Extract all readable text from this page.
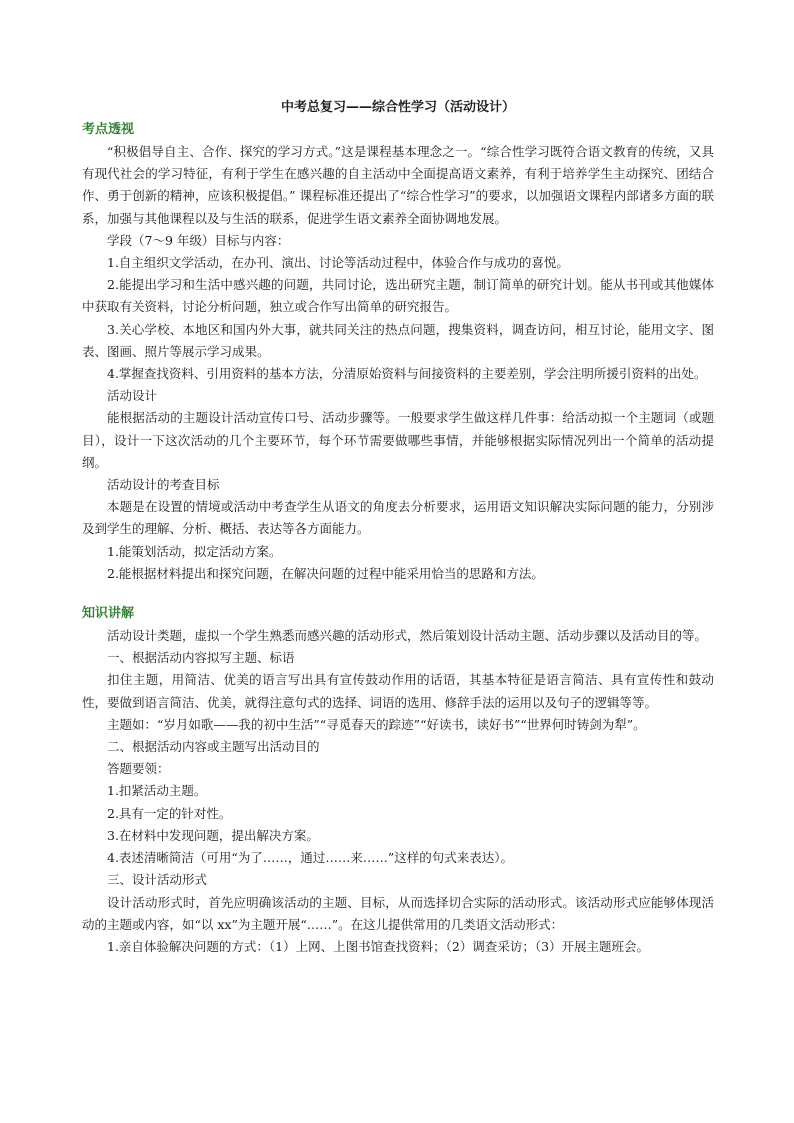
中考总复习——综合性学习（活动设计）
考点透视

“积极倡导自主、合作、探究的学习方式。”这是课程基本理念之一。“综合性学习既符合语文教育的传统，又具有现代社会的学习特征，有利于学生在感兴趣的自主活动中全面提高语文素养，有利于培养学生主动探究、团结合作、勇于创新的精神，应该积极提倡。” 课程标准还提出了“综合性学习”的要求，以加强语文课程内部诸多方面的联系，加强与其他课程以及与生活的联系，促进学生语文素养全面协调地发展。

学段（7～9 年级）目标与内容：

1.自主组织文学活动，在办刊、演出、讨论等活动过程中，体验合作与成功的喜悦。

2.能提出学习和生活中感兴趣的问题，共同讨论，选出研究主题，制订简单的研究计划。能从书刊或其他媒体中获取有关资料，讨论分析问题，独立或合作写出简单的研究报告。

3.关心学校、本地区和国内外大事，就共同关注的热点问题，搜集资料，调查访问，相互讨论，能用文字、图表、图画、照片等展示学习成果。

4.掌握查找资料、引用资料的基本方法，分清原始资料与间接资料的主要差别，学会注明所援引资料的出处。

活动设计

能根据活动的主题设计活动宣传口号、活动步骤等。一般要求学生做这样几件事：给活动拟一个主题词（或题目），设计一下这次活动的几个主要环节，每个环节需要做哪些事情，并能够根据实际情况列出一个简单的活动提纲。

活动设计的考查目标

本题是在设置的情境或活动中考查学生从语文的角度去分析要求，运用语文知识解决实际问题的能力，分别涉及到学生的理解、分析、概括、表达等各方面能力。

1.能策划活动，拟定活动方案。

2.能根据材料提出和探究问题，在解决问题的过程中能采用恰当的思路和方法。

知识讲解

活动设计类题，虚拟一个学生熟悉而感兴趣的活动形式，然后策划设计活动主题、活动步骤以及活动目的等。

一、根据活动内容拟写主题、标语

扣住主题，用简洁、优美的语言写出具有宣传鼓动作用的话语，其基本特征是语言简洁、具有宣传性和鼓动性，要做到语言简洁、优美，就得注意句式的选择、词语的选用、修辞手法的运用以及句子的逻辑等等。

主题如：“岁月如歌——我的初中生活”“寻觅春天的踪迹”“好读书，读好书”“世界何时铸剑为犁”。

二、根据活动内容或主题写出活动目的

答题要领：

1.扣紧活动主题。

2.具有一定的针对性。

3.在材料中发现问题，提出解决方案。

4.表述清晰简洁（可用“为了……，通过……来……”这样的句式来表达）。

三、设计活动形式

设计活动形式时，首先应明确该活动的主题、目标，从而选择切合实际的活动形式。该活动形式应能够体现活动的主题或内容，如“以 xx”为主题开展“……”。在这儿提供常用的几类语文活动形式：

1.亲自体验解决问题的方式：（1）上网、上图书馆查找资料；（2）调查采访；（3）开展主题班会。
